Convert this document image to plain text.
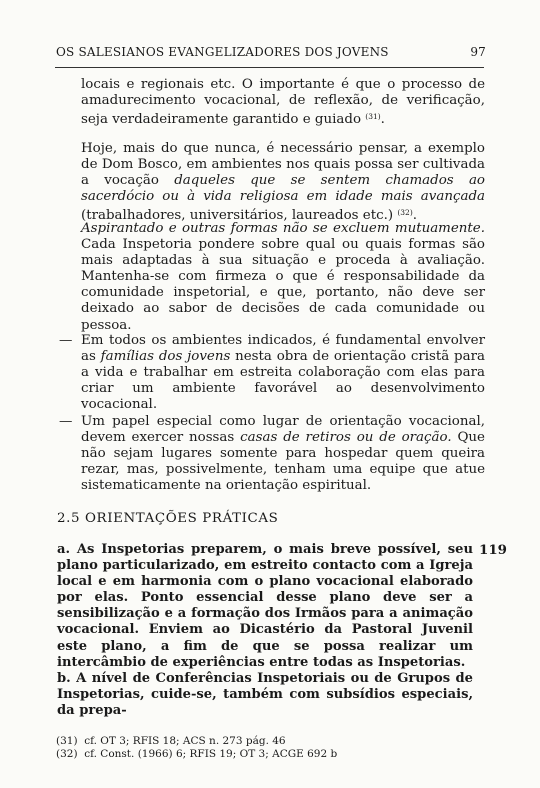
OS SALESIANOS EVANGELIZADORES DOS JOVENS	97

locais e regionais etc. O importante é que o processo de amadurecimento vocacional, de reflexão, de verificação, seja verdadeiramente garantido e guiado $^{(31)}$.

Hoje, mais do que nunca, é necessário pensar, a exemplo de Dom Bosco, em ambientes nos quais possa ser cultivada a vocação daqueles que se sentem chamados ao sacerdócio ou à vida religiosa em idade mais avançada (trabalhadores, universitários, laureados etc.) $^{(32)}$.

Aspirantado e outras formas não se excluem mutuamente. Cada Inspetoria pondere sobre qual ou quais formas são mais adaptadas à sua situação e proceda à avaliação. Mantenha-se com firmeza o que é responsabilidade da comunidade inspetorial, e que, portanto, não deve ser deixado ao sabor de decisões de cada comunidade ou pessoa.

— Em todos os ambientes indicados, é fundamental envolver as famílias dos jovens nesta obra de orientação cristã para a vida e trabalhar em estreita colaboração com elas para criar um ambiente favorável ao desenvolvimento vocacional.
— Um papel especial como lugar de orientação vocacional, devem exercer nossas casas de retiros ou de oração. Que não sejam lugares somente para hospedar quem queira rezar, mas, possivelmente, tenham uma equipe que atue sistematicamente na orientação espiritual.
2.5 ORIENTAÇÕES PRÁTICAS
119
a. As Inspetorias preparem, o mais breve possível, seu plano particularizado, em estreito contacto com a Igreja local e em harmonia com o plano vocacional elaborado por elas. Ponto essencial desse plano deve ser a sensibilização e a formação dos Irmãos para a animação vocacional. Enviem ao Dicastério da Pastoral Juvenil este plano, a fim de que se possa realizar um intercâmbio de experiências entre todas as Inspetorias.
b. A nível de Conferências Inspetoriais ou de Grupos de Inspetorias, cuide-se, também com subsídios especiais, da prepa-
(31)  cf. OT 3; RFIS 18; ACS n. 273 pág. 46
(32)  cf. Const. (1966) 6; RFIS 19; OT 3; ACGE 692 b
